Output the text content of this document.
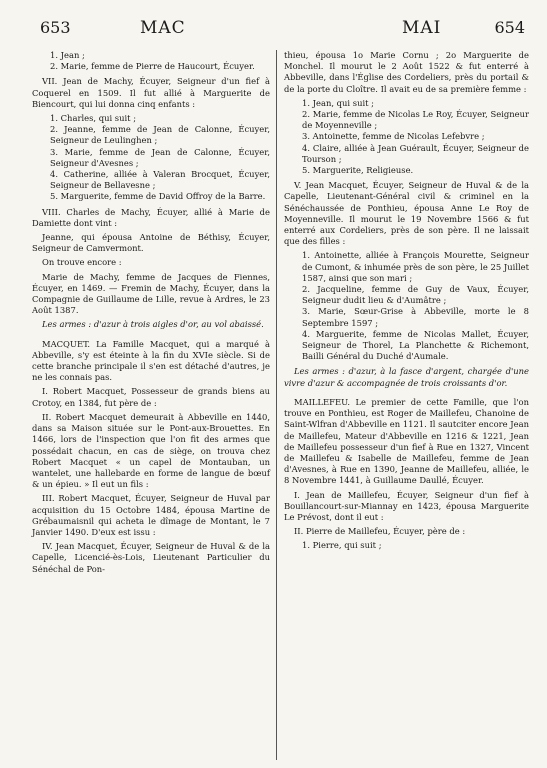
653	MAC	MAI	654
1. Jean ;
2. Marie, femme de Pierre de Haucourt, Écuyer.

VII. Jean de Machy, Écuyer, Seigneur d'un fief à Coquerel en 1509. Il fut allié à Marguerite de Biencourt, qui lui donna cinq enfants :

1. Charles, qui suit ;
2. Jeanne, femme de Jean de Calonne, Écuyer, Seigneur de Leulinghen ;
3. Marie, femme de Jean de Calonne, Écuyer, Seigneur d'Avesnes ;
4. Catherine, alliée à Valeran Brocquet, Écuyer, Seigneur de Bellavesne ;
5. Marguerite, femme de David Offroy de la Barre.

VIII. Charles de Machy, Écuyer, allié à Marie de Damiette dont vint :

Jeanne, qui épousa Antoine de Béthisy, Écuyer, Seigneur de Camvermont.

On trouve encore :

Marie de Machy, femme de Jacques de Fiennes, Écuyer, en 1469. — Fremin de Machy, Écuyer, dans la Compagnie de Guillaume de Lille, revue à Ardres, le 23 Août 1387.

Les armes : d'azur à trois aigles d'or, au vol abaissé.

MACQUET. La Famille Macquet, qui a marqué à Abbeville, s'y est éteinte à la fin du XVIe siècle. Si de cette branche principale il s'en est détaché d'autres, je ne les connais pas.

I. Robert Macquet, Possesseur de grands biens au Crotoy, en 1384, fut père de :

II. Robert Macquet demeurait à Abbeville en 1440, dans sa Maison située sur le Pont-aux-Brouettes. En 1466, lors de l'inspection que l'on fit des armes que possédait chacun, en cas de siège, on trouva chez Robert Macquet « un capel de Montauban, un wantelet, une hallebarde en forme de langue de bœuf & un épieu. » Il eut un fils :

III. Robert Macquet, Écuyer, Seigneur de Huval par acquisition du 15 Octobre 1484, épousa Martine de Grébaumaisnil qui acheta le dîmage de Montant, le 7 Janvier 1490. D'eux est issu :

IV. Jean Macquet, Écuyer, Seigneur de Huval & de la Capelle, Licencié-ès-Lois, Lieutenant Particulier du Sénéchal de Pon-

thieu, épousa 1o Marie Cornu ; 2o Marguerite de Monchel. Il mourut le 2 Août 1522 & fut enterré à Abbeville, dans l'Église des Cordeliers, près du portail & de la porte du Cloître. Il avait eu de sa première femme :

1. Jean, qui suit ;
2. Marie, femme de Nicolas Le Roy, Écuyer, Seigneur de Moyenneville ;
3. Antoinette, femme de Nicolas Lefebvre ;
4. Claire, alliée à Jean Guérault, Écuyer, Seigneur de Tourson ;
5. Marguerite, Religieuse.

V. Jean Macquet, Écuyer, Seigneur de Huval & de la Capelle, Lieutenant-Général civil & criminel en la Sénéchaussée de Ponthieu, épousa Anne Le Roy de Moyenneville. Il mourut le 19 Novembre 1566 & fut enterré aux Cordeliers, près de son père. Il ne laissait que des filles :

1. Antoinette, alliée à François Mourette, Seigneur de Cumont, & inhumée près de son père, le 25 Juillet 1587, ainsi que son mari ;
2. Jacqueline, femme de Guy de Vaux, Écuyer, Seigneur dudit lieu & d'Aumâtre ;
3. Marie, Sœur-Grise à Abbeville, morte le 8 Septembre 1597 ;
4. Marguerite, femme de Nicolas Mallet, Écuyer, Seigneur de Thorel, La Planchette & Richemont, Bailli Général du Duché d'Aumale.

Les armes : d'azur, à la fasce d'argent, chargée d'une vivre d'azur & accompagnée de trois croissants d'or.

MAILLEFEU. Le premier de cette Famille, que l'on trouve en Ponthieu, est Roger de Maillefeu, Chanoine de Saint-Wlfran d'Abbeville en 1121. Il sautciter encore Jean de Maillefeu, Mateur d'Abbeville en 1216 & 1221, Jean de Maillefeu possesseur d'un fief à Rue en 1327, Vincent de Maillefeu & Isabelle de Maillefeu, femme de Jean d'Avesnes, à Rue en 1390, Jeanne de Maillefeu, alliée, le 8 Novembre 1441, à Guillaume Daullé, Écuyer.

I. Jean de Maillefeu, Écuyer, Seigneur d'un fief à Bouillancourt-sur-Miannay en 1423, épousa Marguerite Le Prévost, dont il eut :

II. Pierre de Maillefeu, Écuyer, père de :

1. Pierre, qui suit ;
